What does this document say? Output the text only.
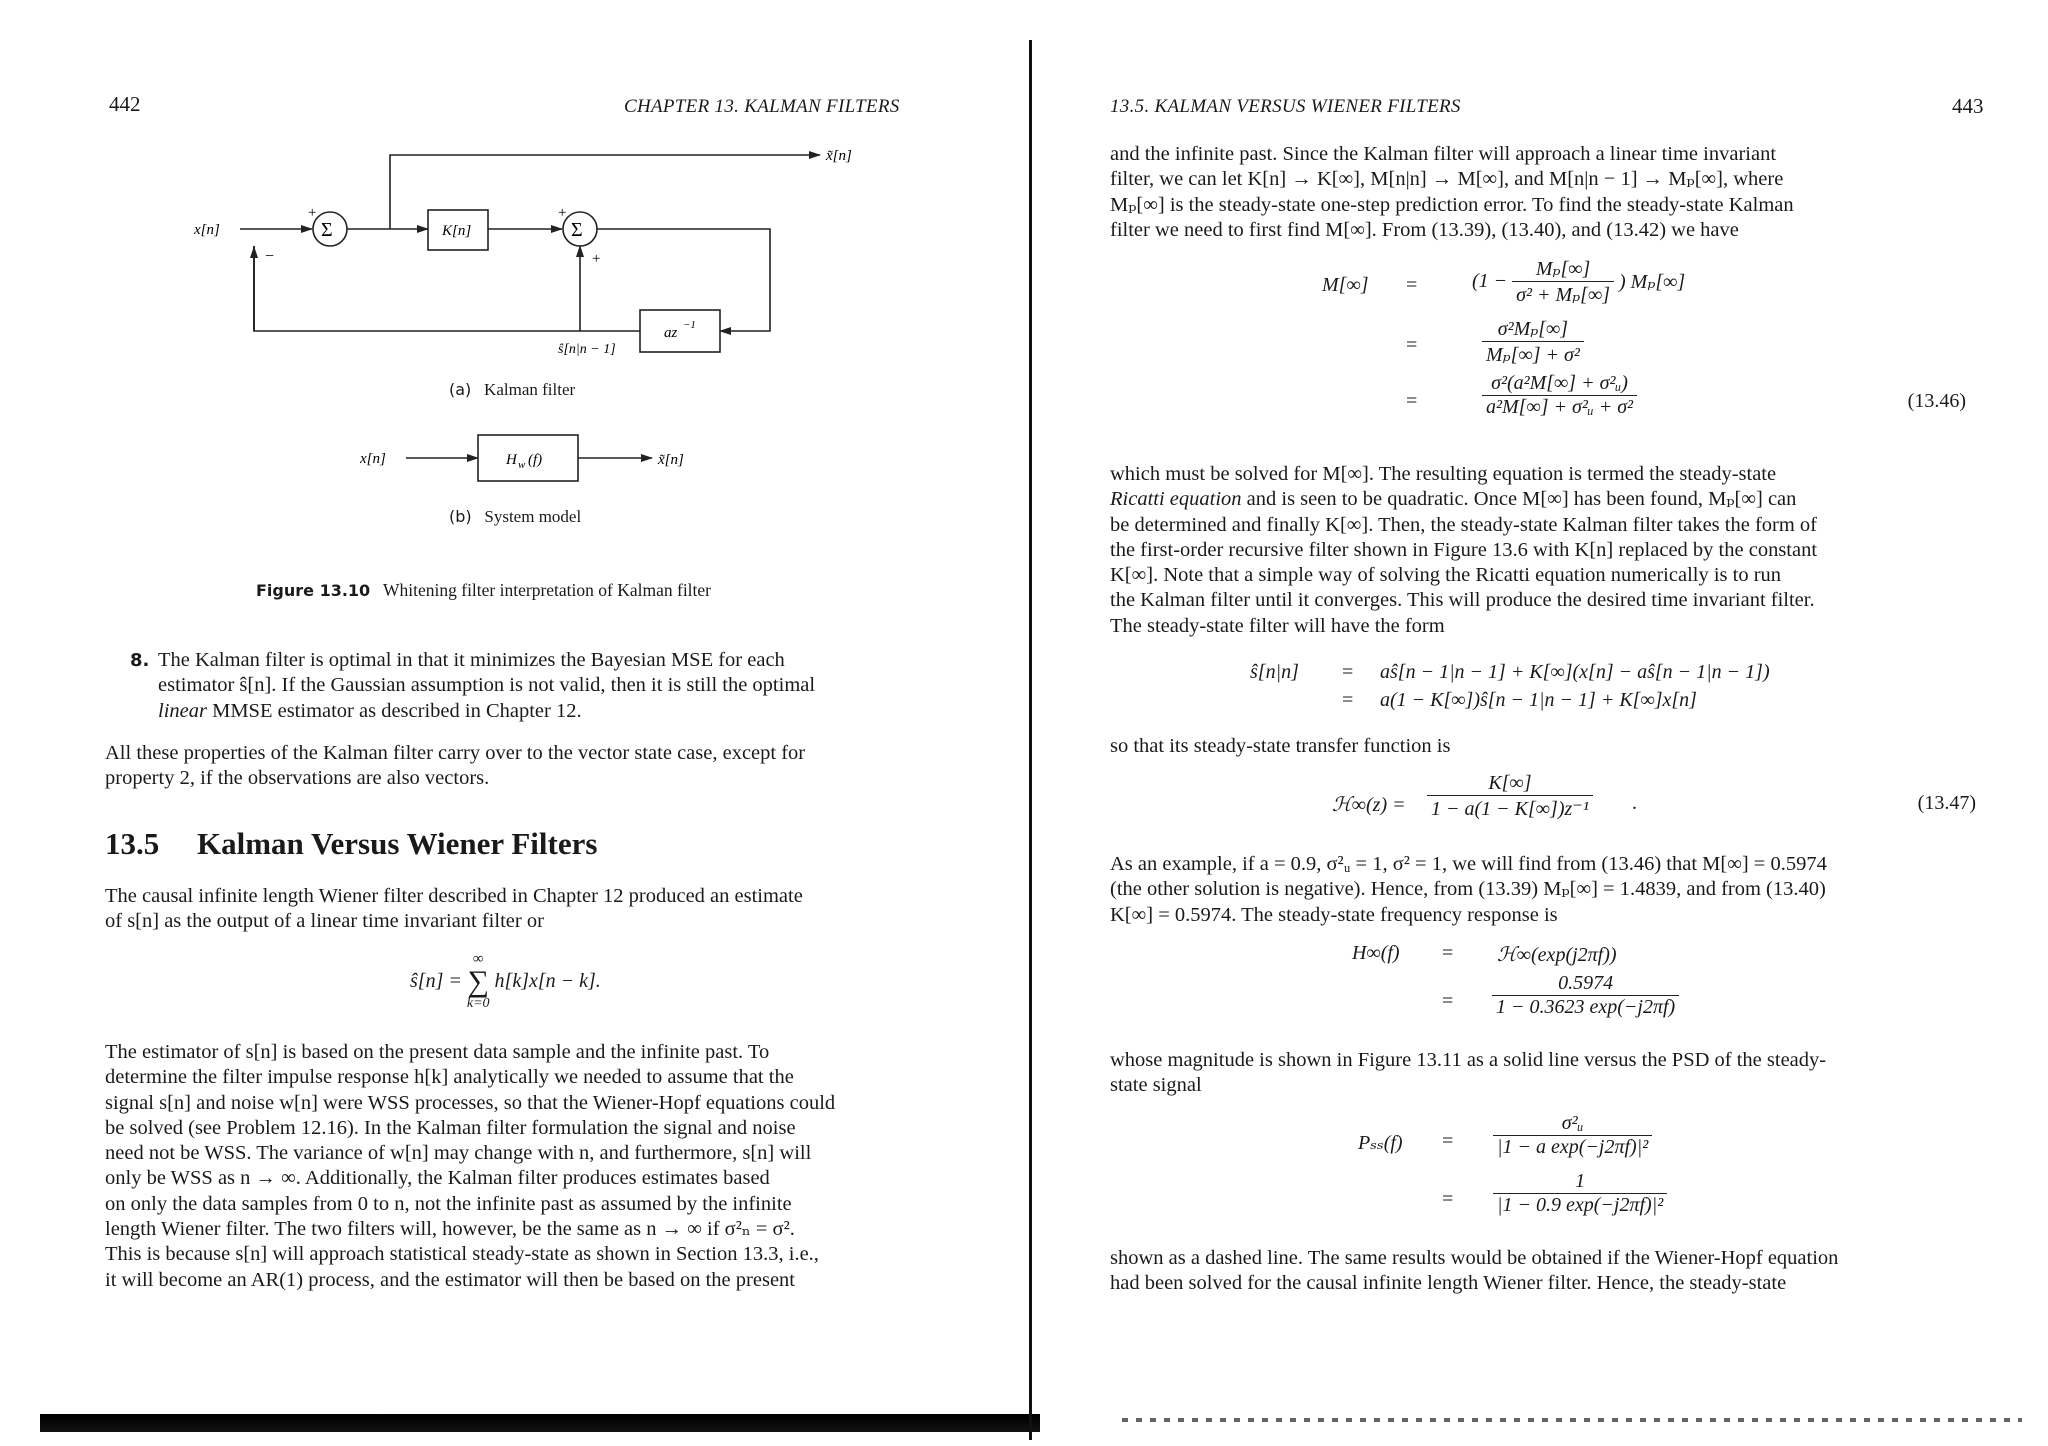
442	CHAPTER 13. KALMAN FILTERS
−
+	+
+
Σ	Σ
x[n]	K[n]
x̃[n]
az −1
ŝ[n|n − 1]
(a) Kalman filter
x[n]	H w (f)	x̃[n]
(b) System model
Figure 13.10 Whitening filter interpretation of Kalman filter
8. The Kalman filter is optimal in that it minimizes the Bayesian MSE for each
estimator ŝ[n]. If the Gaussian assumption is not valid, then it is still the optimal
linear MMSE estimator as described in Chapter 12.
All these properties of the Kalman filter carry over to the vector state case, except for
property 2, if the observations are also vectors.
13.5 Kalman Versus Wiener Filters
The causal infinite length Wiener filter described in Chapter 12 produced an estimate
of s[n] as the output of a linear time invariant filter or
ŝ[n] =
∞
∑
k=0
h[k]x[n − k].
The estimator of s[n] is based on the present data sample and the infinite past. To
determine the filter impulse response h[k] analytically we needed to assume that the
signal s[n] and noise w[n] were WSS processes, so that the Wiener-Hopf equations could
be solved (see Problem 12.16). In the Kalman filter formulation the signal and noise
need not be WSS. The variance of w[n] may change with n, and furthermore, s[n] will
only be WSS as n → ∞. Additionally, the Kalman filter produces estimates based
on only the data samples from 0 to n, not the infinite past as assumed by the infinite
length Wiener filter. The two filters will, however, be the same as n → ∞ if σ²ₙ = σ².
This is because s[n] will approach statistical steady-state as shown in Section 13.3, i.e.,
it will become an AR(1) process, and the estimator will then be based on the present
13.5. KALMAN VERSUS WIENER FILTERS	443
and the infinite past. Since the Kalman filter will approach a linear time invariant
filter, we can let K[n] → K[∞], M[n|n] → M[∞], and M[n|n − 1] → Mₚ[∞], where
Mₚ[∞] is the steady-state one-step prediction error. To find the steady-state Kalman
filter we need to first find M[∞]. From (13.39), (13.40), and (13.42) we have
M[∞] =	($1 - \frac{\text{Mₚ[∞]}}{\text{σ² + Mₚ[∞]}}$ ) Mₚ[∞]
=	$\frac{\text{σ²Mₚ[∞]}}{\text{Mₚ[∞] + σ²}}$
=	$\frac{\text{σ²(a²M[∞] + σ²ᵤ)}}{\text{a²M[∞] + σ²ᵤ + σ²}}$	(13.46)
which must be solved for M[∞]. The resulting equation is termed the steady-state
Ricatti equation and is seen to be quadratic. Once M[∞] has been found, Mₚ[∞] can
be determined and finally K[∞]. Then, the steady-state Kalman filter takes the form of
the first-order recursive filter shown in Figure 13.6 with K[n] replaced by the constant
K[∞]. Note that a simple way of solving the Ricatti equation numerically is to run
the Kalman filter until it converges. This will produce the desired time invariant filter.
The steady-state filter will have the form
ŝ[n|n] = aŝ[n − 1|n − 1] + K[∞](x[n] − aŝ[n − 1|n − 1])
= a(1 − K[∞])ŝ[n − 1|n − 1] + K[∞]x[n]
so that its steady-state transfer function is
ℋ∞(z) = $\frac{K[\infty]}{\text{1 − a(1 − K[∞])z⁻¹}}$ .	(13.47)
As an example, if a = 0.9, σ²ᵤ = 1, σ² = 1, we will find from (13.46) that M[∞] = 0.5974
(the other solution is negative). Hence, from (13.39) Mₚ[∞] = 1.4839, and from (13.40)
K[∞] = 0.5974. The steady-state frequency response is
H∞(f) = ℋ∞(exp(j2πf))
= $\frac{0.5974}{1 - 0.3623 \exp(-j2\pi f)}$
whose magnitude is shown in Figure 13.11 as a solid line versus the PSD of the steady-
state signal
$P_{ss}(f) = \frac{\text{σ²ᵤ}}{\text{|1 − a exp(−j2πf)|²}}$
= $\frac{1}{\text{|1 − 0.9 exp(−j2πf)|²}}$
shown as a dashed line. The same results would be obtained if the Wiener-Hopf equation
had been solved for the causal infinite length Wiener filter. Hence, the steady-state
